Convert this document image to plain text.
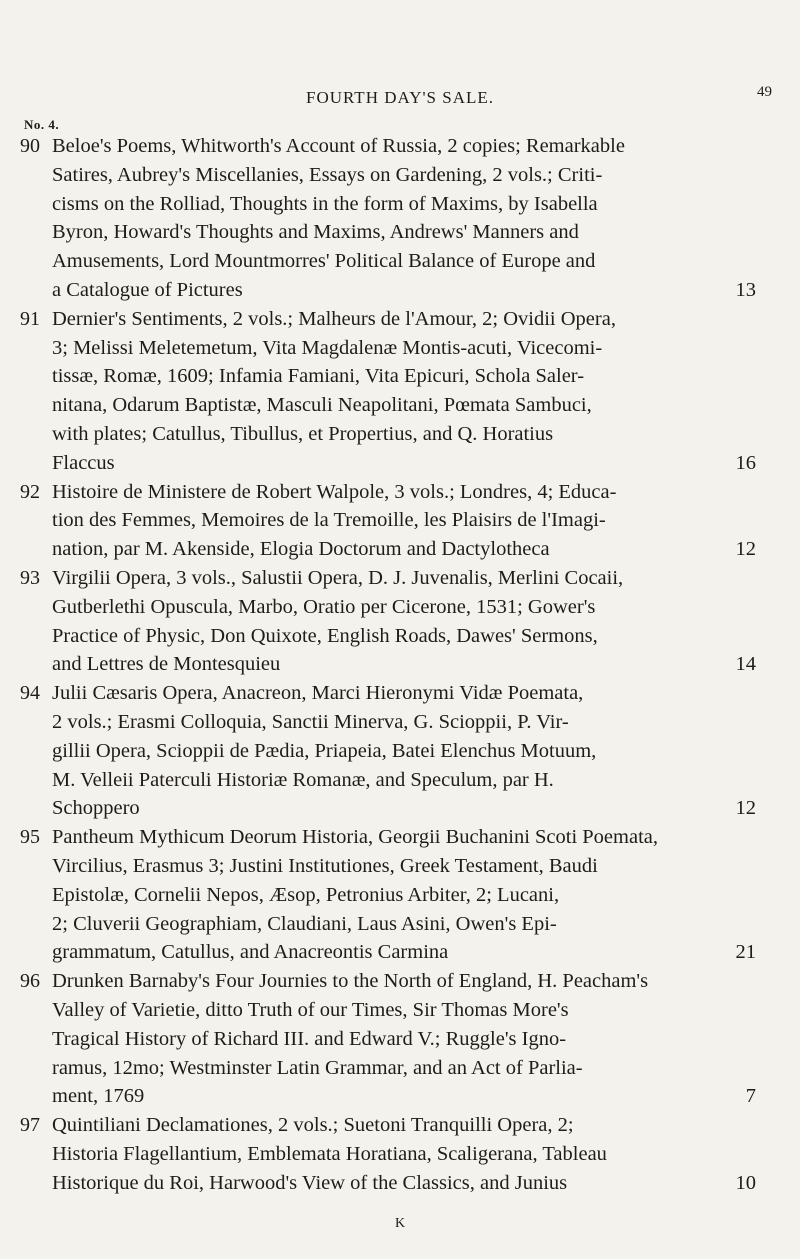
FOURTH DAY'S SALE.	49
No. 4.
90 Beloe's Poems, Whitworth's Account of Russia, 2 copies; Remarkable
Satires, Aubrey's Miscellanies, Essays on Gardening, 2 vols.; Criti-
cisms on the Rolliad, Thoughts in the form of Maxims, by Isabella
Byron, Howard's Thoughts and Maxims, Andrews' Manners and
Amusements, Lord Mountmorres' Political Balance of Europe and
a Catalogue of Pictures	13
91 Dernier's Sentiments, 2 vols.; Malheurs de l'Amour, 2; Ovidii Opera,
3; Melissi Meletemetum, Vita Magdalenæ Montis-acuti, Vicecomi-
tissæ, Romæ, 1609; Infamia Famiani, Vita Epicuri, Schola Saler-
nitana, Odarum Baptistæ, Masculi Neapolitani, Pœmata Sambuci,
with plates; Catullus, Tibullus, et Propertius, and Q. Horatius
Flaccus	16
92 Histoire de Ministere de Robert Walpole, 3 vols.; Londres, 4; Educa-
tion des Femmes, Memoires de la Tremoille, les Plaisirs de l'Imagi-
nation, par M. Akenside, Elogia Doctorum and Dactylotheca	12
93 Virgilii Opera, 3 vols., Salustii Opera, D. J. Juvenalis, Merlini Cocaii,
Gutberlethi Opuscula, Marbo, Oratio per Cicerone, 1531; Gower's
Practice of Physic, Don Quixote, English Roads, Dawes' Sermons,
and Lettres de Montesquieu	14
94 Julii Cæsaris Opera, Anacreon, Marci Hieronymi Vidæ Poemata,
2 vols.; Erasmi Colloquia, Sanctii Minerva, G. Scioppii, P. Vir-
gillii Opera, Scioppii de Pædia, Priapeia, Batei Elenchus Motuum,
M. Velleii Paterculi Historiæ Romanæ, and Speculum, par H.
Schoppero	12
95 Pantheum Mythicum Deorum Historia, Georgii Buchanini Scoti Poemata,
Vircilius, Erasmus 3; Justini Institutiones, Greek Testament, Baudi
Epistolæ, Cornelii Nepos, Æsop, Petronius Arbiter, 2; Lucani,
2; Cluverii Geographiam, Claudiani, Laus Asini, Owen's Epi-
grammatum, Catullus, and Anacreontis Carmina	21
96 Drunken Barnaby's Four Journies to the North of England, H. Peacham's
Valley of Varietie, ditto Truth of our Times, Sir Thomas More's
Tragical History of Richard III. and Edward V.; Ruggle's Igno-
ramus, 12mo; Westminster Latin Grammar, and an Act of Parlia-
ment, 1769	7
97 Quintiliani Declamationes, 2 vols.; Suetoni Tranquilli Opera, 2;
Historia Flagellantium, Emblemata Horatiana, Scaligerana, Tableau
Historique du Roi, Harwood's View of the Classics, and Junius	10
K
